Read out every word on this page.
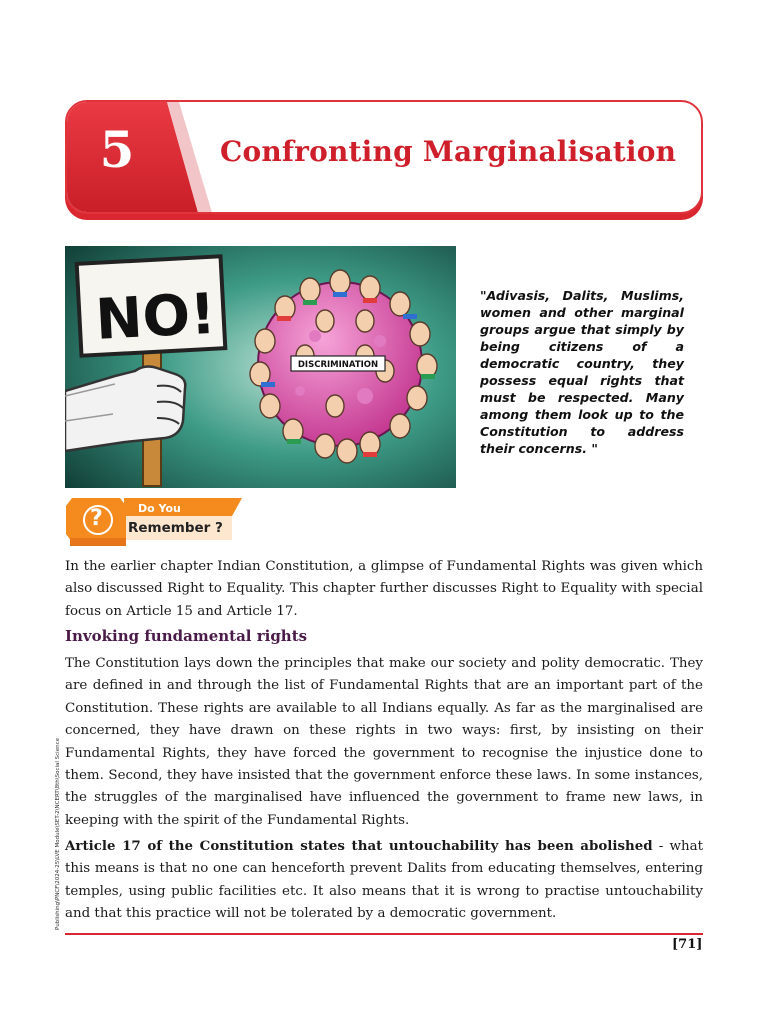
5	Confronting Marginalisation
NO!
DISCRIMINATION
"Adivasis, Dalits, Muslims, women and other marginal groups argue that simply by being citizens of a democratic country, they possess equal rights that must be respected. Many among them look up to the Constitution to address their concerns. "
?	Do You
Remember ?

In the earlier chapter Indian Constitution, a glimpse of Fundamental Rights was given which also discussed Right to Equality. This chapter further discusses Right to Equality with special focus on Article 15 and Article 17.

Invoking fundamental rights

The Constitution lays down the principles that make our society and polity democratic. They are defined in and through the list of Fundamental Rights that are an important part of the Constitution. These rights are available to all Indians equally. As far as the marginalised are concerned, they have drawn on these rights in two ways: first, by insisting on their Fundamental Rights, they have forced the government to recognise the injustice done to them. Second, they have insisted that the government enforce these laws. In some instances, the struggles of the marginalised have influenced the government to frame new laws, in keeping with the spirit of the Fundamental Rights.

Article 17 of the Constitution states that untouchability has been abolished - what this means is that no one can henceforth prevent Dalits from educating themselves, entering temples, using public facilities etc. It also means that it is wrong to practise untouchability and that this practice will not be tolerated by a democratic government.

Publishing\PNCF\2024-25\LVE Module\SET-2\NCERT\8th\Social Science
[71]
